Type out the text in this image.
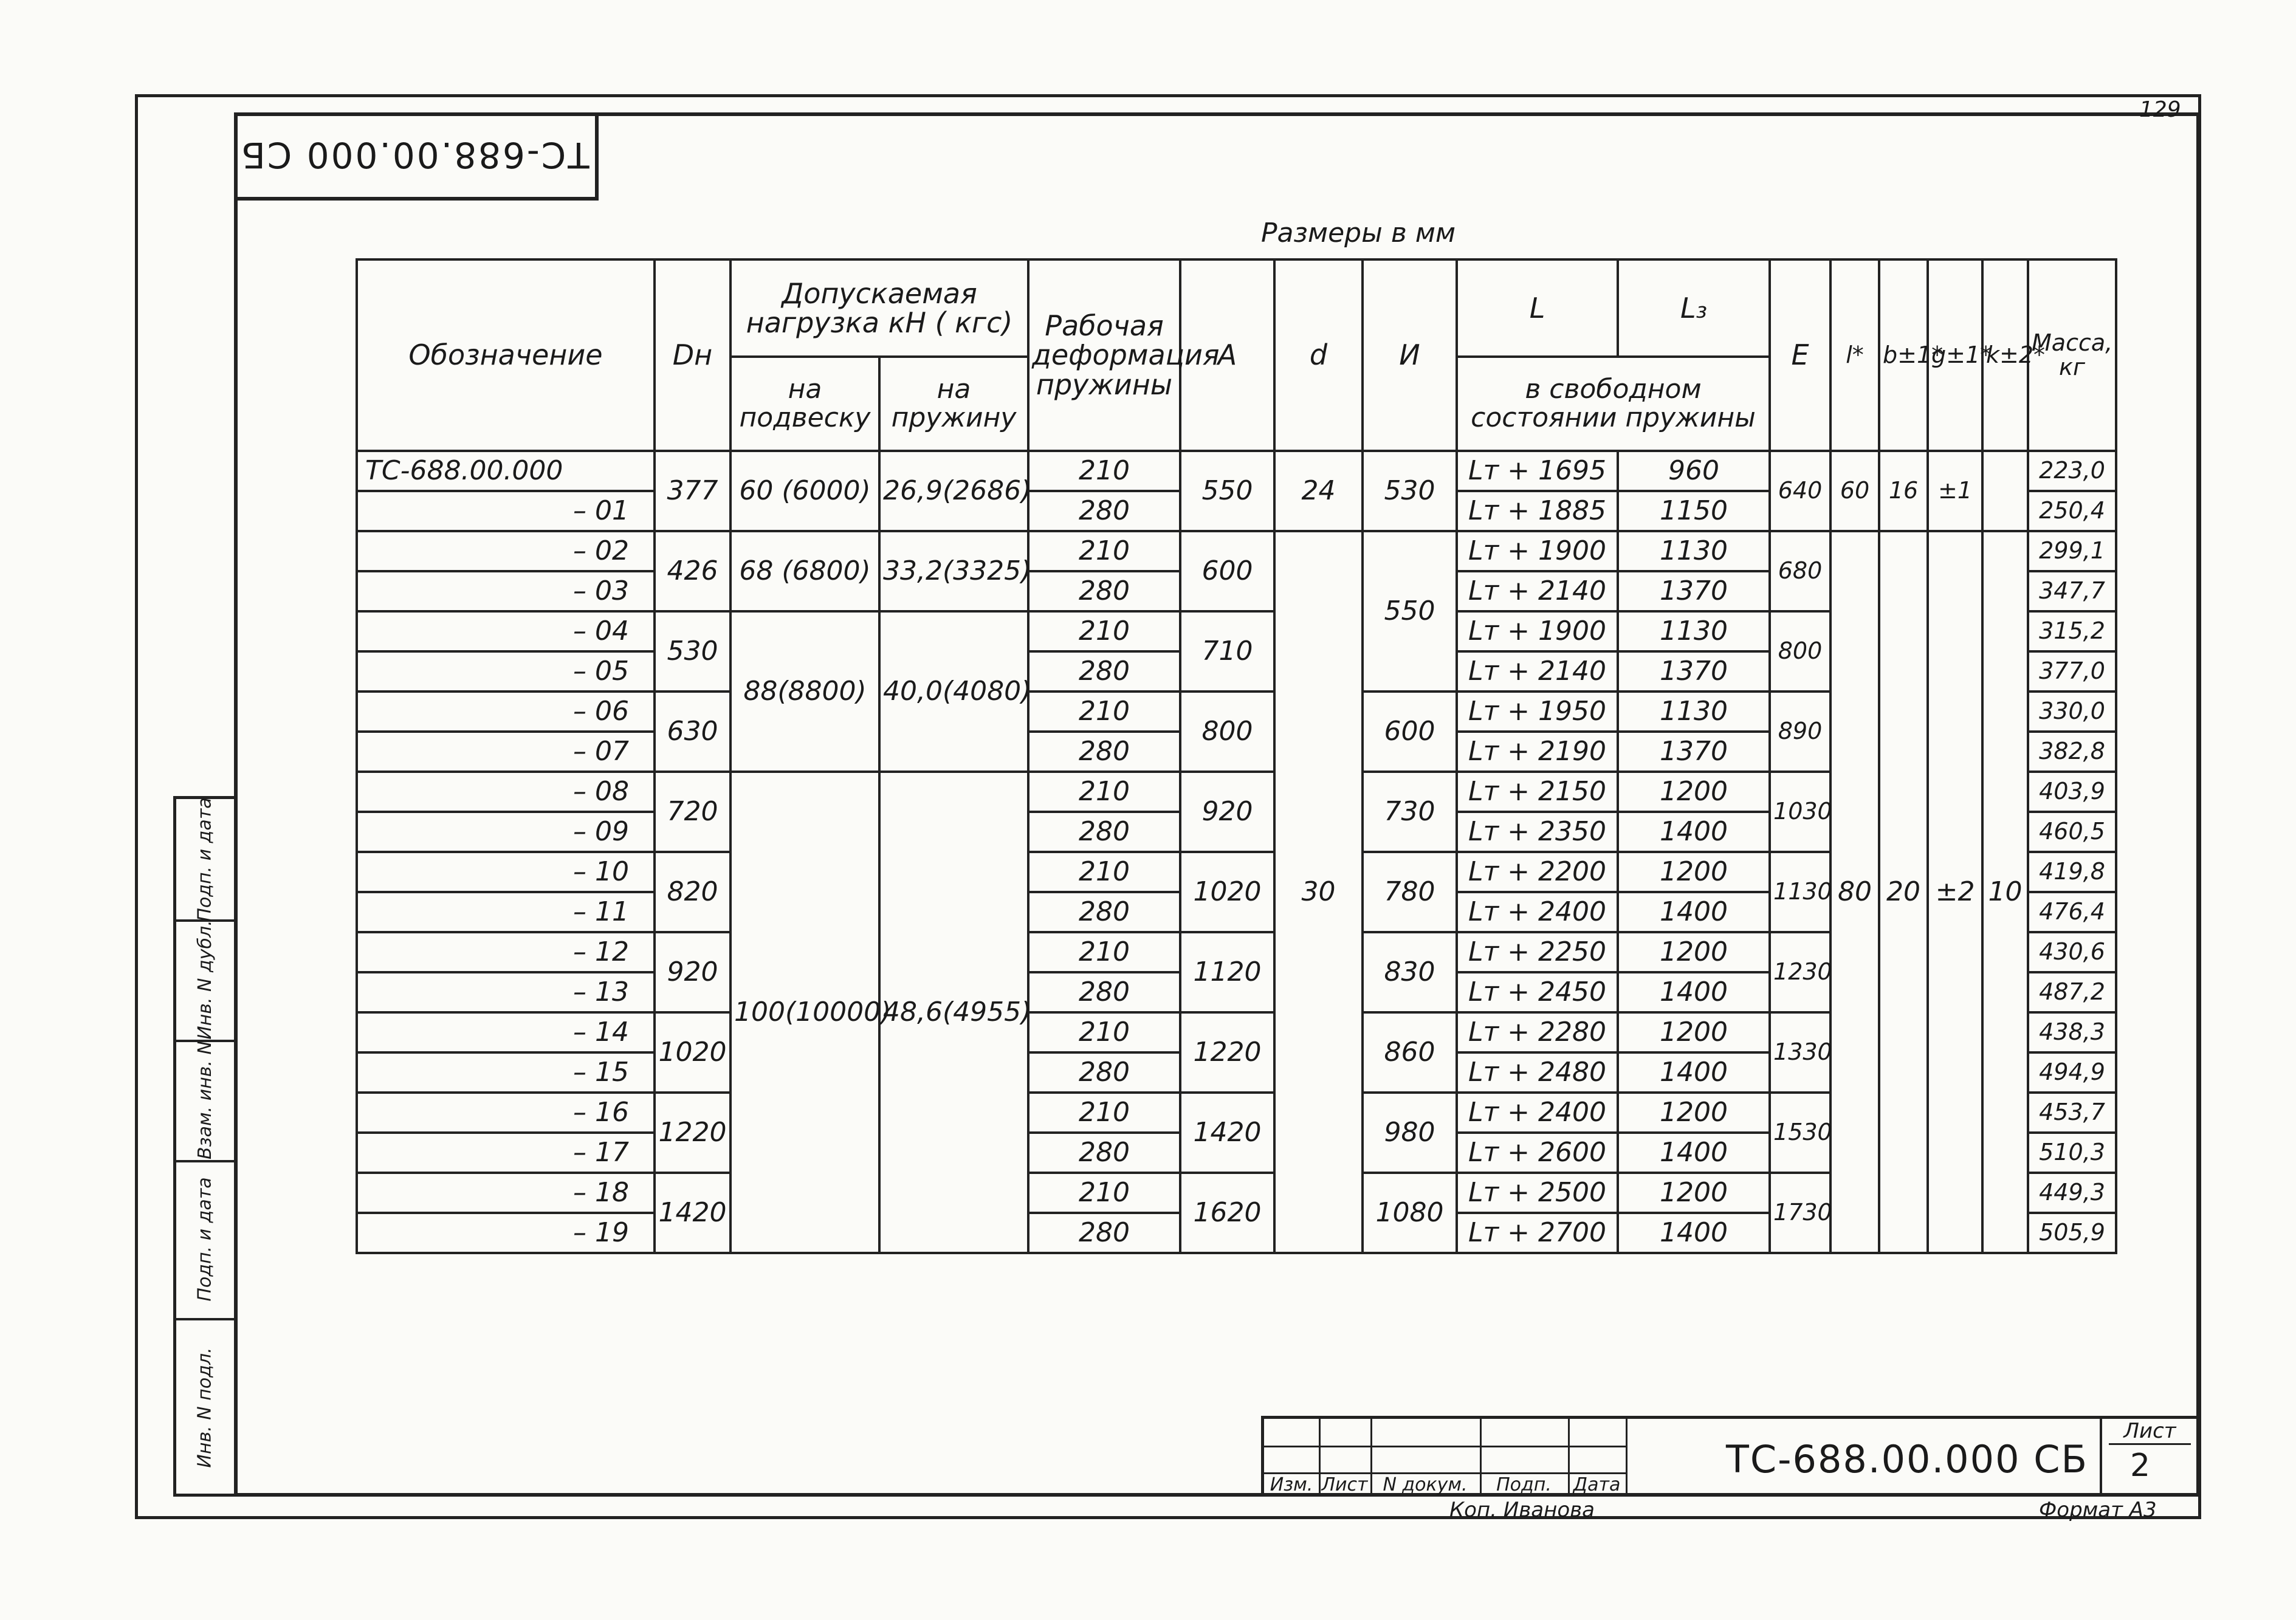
ТС-688.00.000 СБ
129
Подп. и дата
Инв. N дубл.
Взам. инв. N
Подп. и дата
Инв. N подл.
Размеры в мм
Обозначение	Dн	Допускаемая нагрузка кН ( кгс)		Рабочая деформация пружины	А	d	И	L	L₃	E	l*	b±1*	g±1*	k±2*	Масса, кг
		на подвеску	на пружину					в свободном состоянии пружины							
ТС-688.00.000	377	60 (6000)	26,9(2686)	210	550	24	530	Lт + 1695	960	640	60	16	±1		223,0
– 01				280				Lт + 1885	1150						250,4
– 02	426	68 (6800)	33,2(3325)	210	600	30	550	Lт + 1900	1130	680	80	20	±2	10	299,1
– 03				280				Lт + 2140	1370						347,7
– 04	530	88(8800)	40,0(4080)	210	710			Lт + 1900	1130	800					315,2
– 05				280				Lт + 2140	1370						377,0
– 06	630			210	800		600	Lт + 1950	1130	890					330,0
– 07				280				Lт + 2190	1370						382,8
– 08	720	100(10000)	48,6(4955)	210	920		730	Lт + 2150	1200	1030					403,9
– 09				280				Lт + 2350	1400						460,5
– 10	820			210	1020		780	Lт + 2200	1200	1130					419,8
– 11				280				Lт + 2400	1400						476,4
– 12	920			210	1120		830	Lт + 2250	1200	1230					430,6
– 13				280				Lт + 2450	1400						487,2
– 14	1020			210	1220		860	Lт + 2280	1200	1330					438,3
– 15				280				Lт + 2480	1400						494,9
– 16	1220			210	1420		980	Lт + 2400	1200	1530					453,7
– 17				280				Lт + 2600	1400						510,3
– 18	1420			210	1620		1080	Lт + 2500	1200	1730					449,3
– 19				280				Lт + 2700	1400						505,9
Изм. Лист N докум.	Подп.	Дата
ТС-688.00.000 СБ
Лист
2
Коп. Иванова	Формат А3
